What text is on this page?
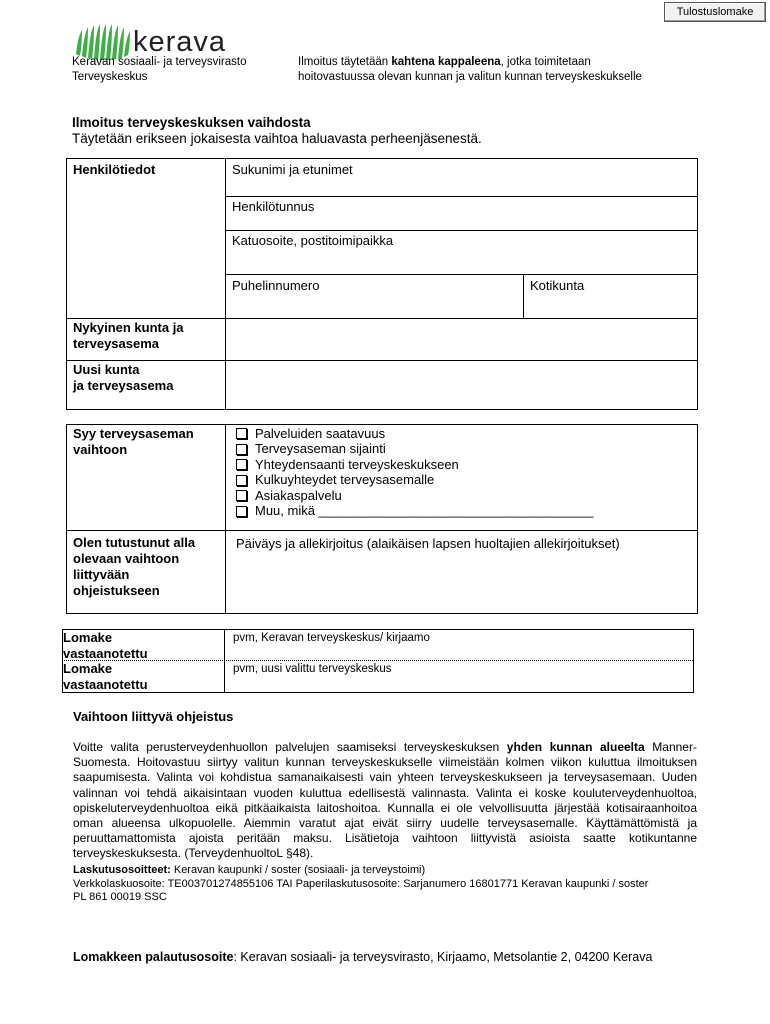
Tulostuslomake
kerava
Keravan sosiaali- ja terveysvirasto
Terveyskeskus
Ilmoitus täytetään kahtena kappaleena, jotka toimitetaan
hoitovastuussa olevan kunnan ja valitun kunnan terveyskeskukselle
Ilmoitus terveyskeskuksen vaihdosta
Täytetään erikseen jokaisesta vaihtoa haluavasta perheenjäsenestä.
Henkilötiedot	Sukunimi ja etunimet
Henkilötunnus
Katuosoite, postitoimipaikka
Puhelinnumero	Kotikunta
Nykyinen kunta ja
terveysasema
Uusi kunta
ja terveysasema
Syy terveysaseman
vaihtoon
Palveluiden saatavuus
Terveysaseman sijainti
Yhteydensaanti terveyskeskukseen
Kulkuyhteydet terveysasemalle
Asiakaspalvelu
Muu, mikä ______________________________________
Olen tutustunut alla
olevaan vaihtoon
liittyvään
ohjeistukseen
Päiväys ja allekirjoitus (alaikäisen lapsen huoltajien allekirjoitukset)
Lomake
vastaanotettu
pvm, Keravan terveyskeskus/ kirjaamo
Lomake
vastaanotettu
pvm, uusi valittu terveyskeskus
Vaihtoon liittyvä ohjeistus
Voitte valita perusterveydenhuollon palvelujen saamiseksi terveyskeskuksen yhden kunnan alueelta Manner-Suomesta. Hoitovastuu siirtyy valitun kunnan terveyskeskukselle viimeistään kolmen viikon kuluttua ilmoituksen saapumisesta. Valinta voi kohdistua samanaikaisesti vain yhteen terveyskeskukseen ja terveysasemaan. Uuden valinnan voi tehdä aikaisintaan vuoden kuluttua edellisestä valinnasta. Valinta ei koske kouluterveydenhuoltoa, opiskeluterveydenhuoltoa eikä pitkäaikaista laitoshoitoa. Kunnalla ei ole velvollisuutta järjestää kotisairaanhoitoa oman alueensa ulkopuolelle. Aiemmin varatut ajat eivät siirry uudelle terveysasemalle. Käyttämättömistä ja peruuttamattomista ajoista peritään maksu. Lisätietoja vaihtoon liittyvistä asioista saatte kotikuntanne terveyskeskuksesta. (TerveydenhuoltoL §48).
Laskutusosoitteet: Keravan kaupunki / soster (sosiaali- ja terveystoimi)
Verkkolaskuosoite: TE003701274855106 TAI Paperilaskutusosoite: Sarjanumero 16801771 Keravan kaupunki / soster
PL 861 00019 SSC
Lomakkeen palautusosoite: Keravan sosiaali- ja terveysvirasto, Kirjaamo, Metsolantie 2, 04200 Kerava
